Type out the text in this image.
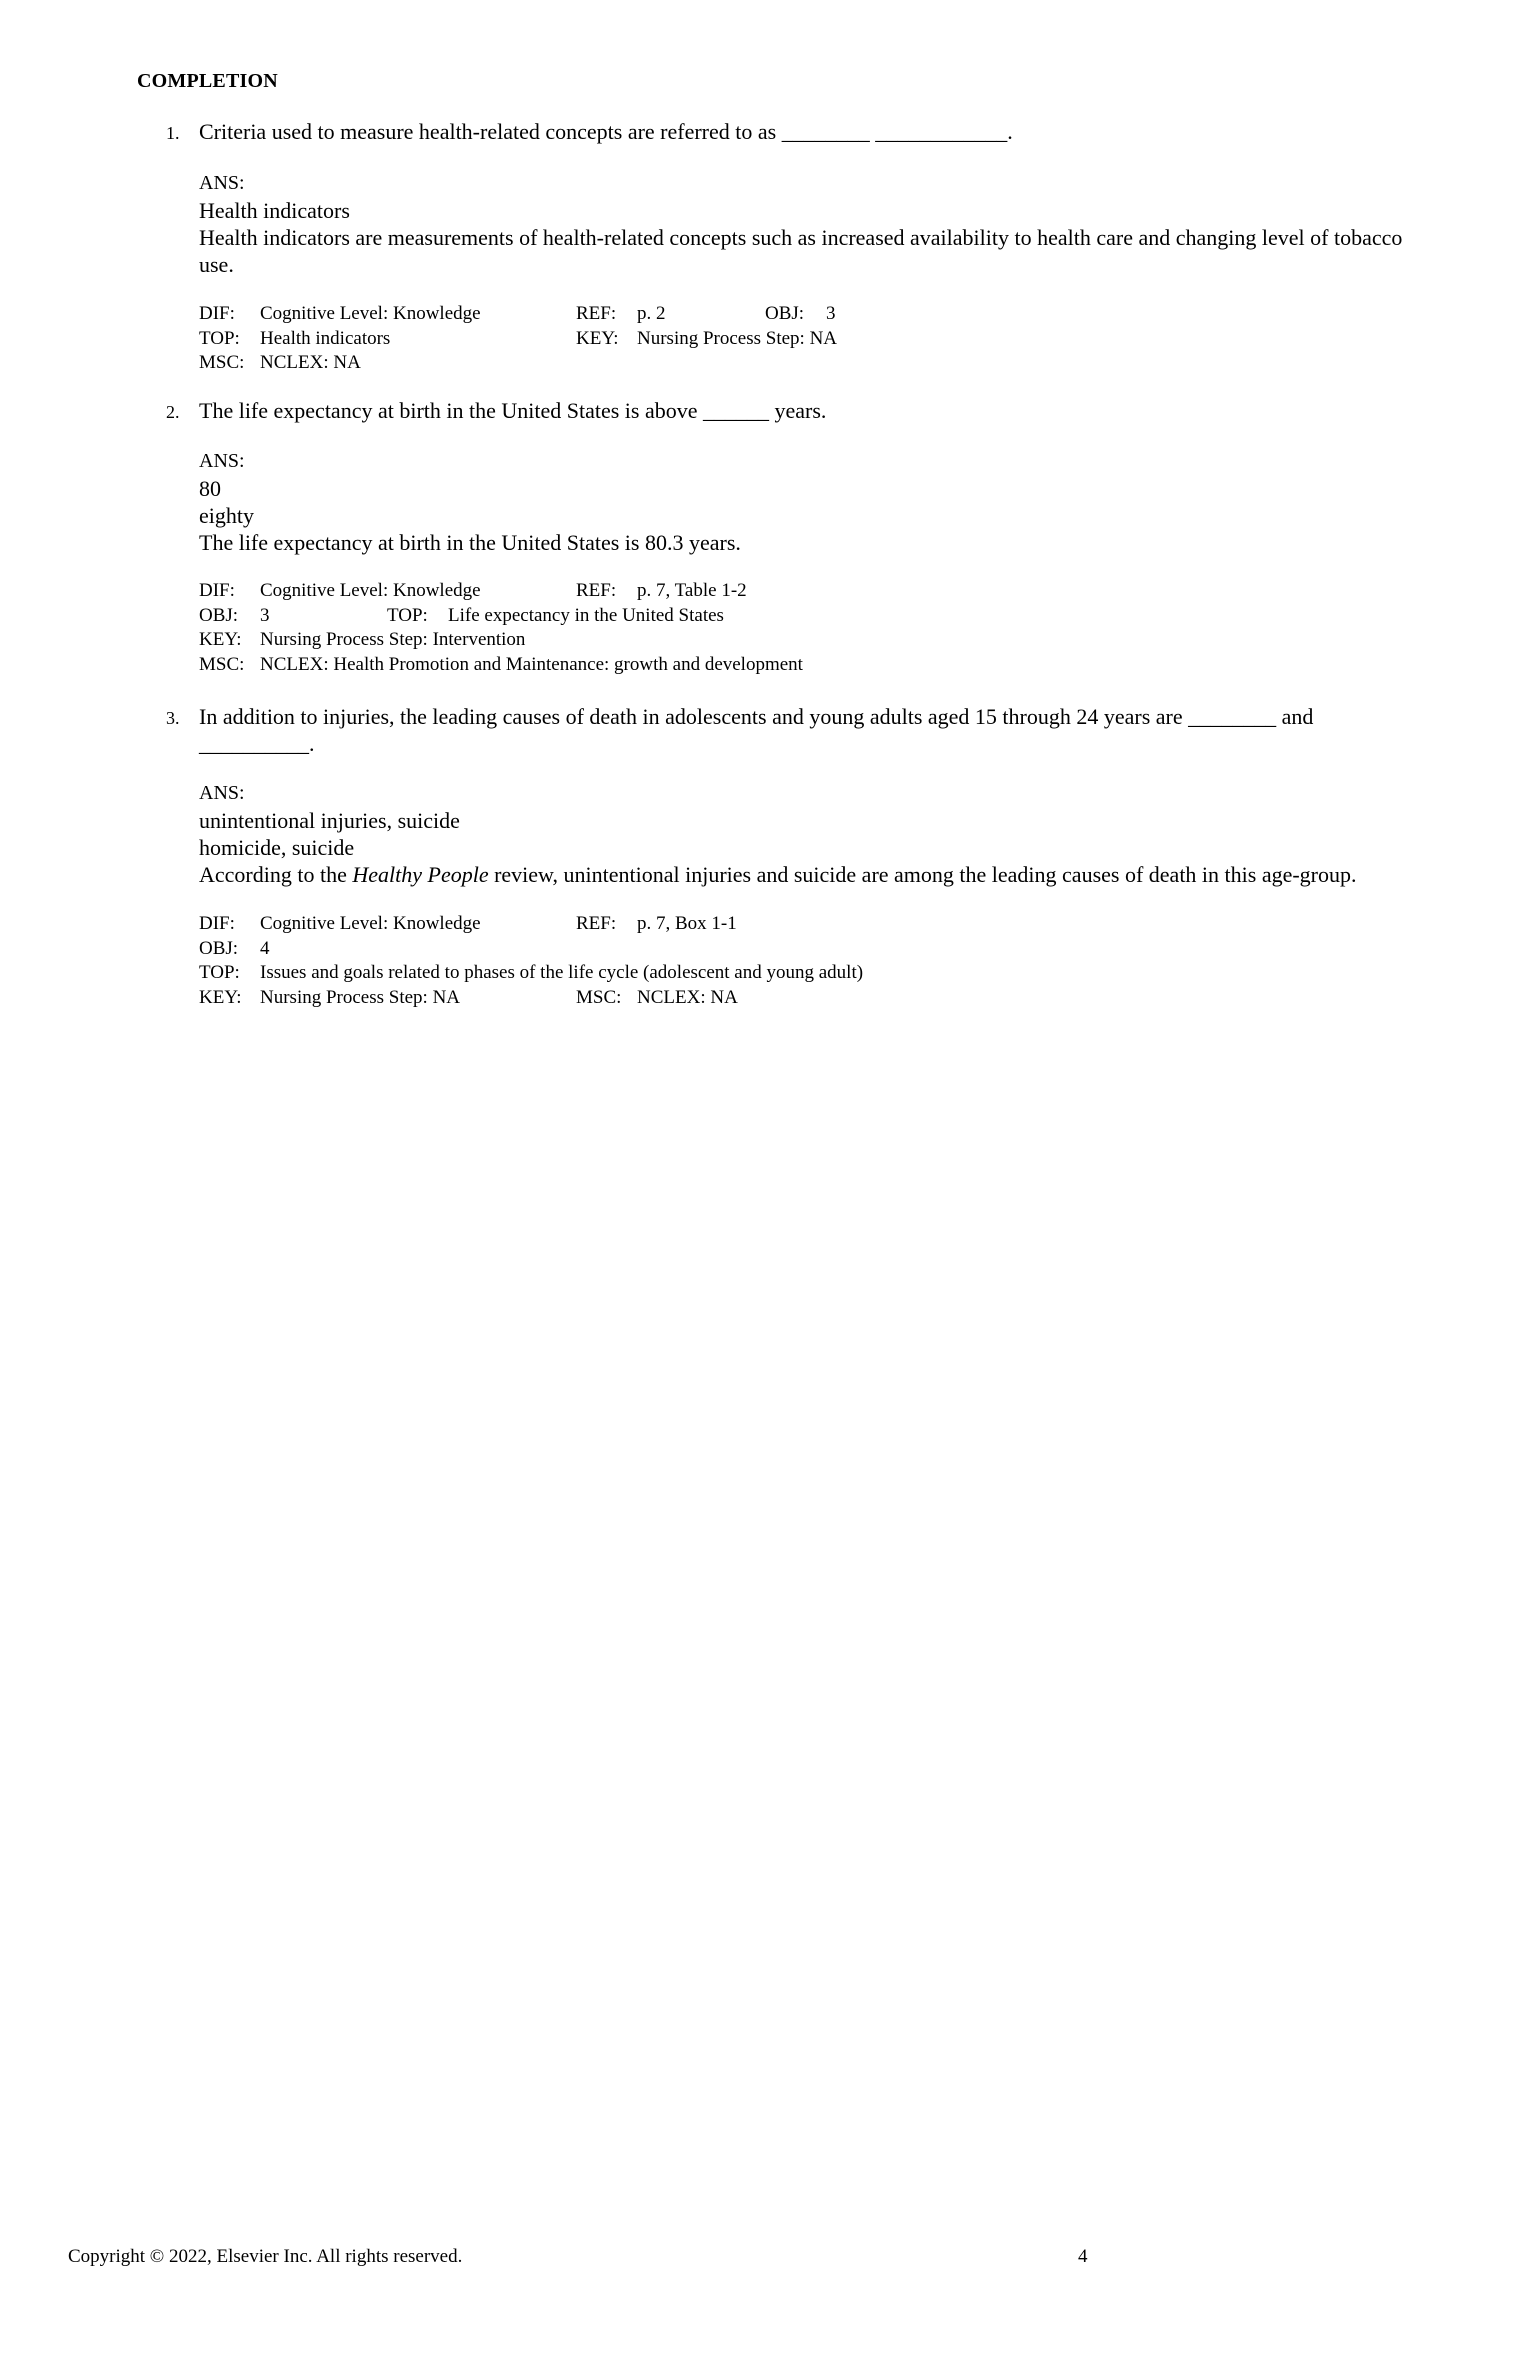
COMPLETION
1. Criteria used to measure health-related concepts are referred to as ________ ____________.
ANS:
Health indicators
Health indicators are measurements of health-related concepts such as increased availability to health care and changing level of tobacco use.
DIF: Cognitive Level: Knowledge	REF: p. 2	OBJ: 3
TOP: Health indicators	KEY: Nursing Process Step: NA
MSC: NCLEX: NA
2. The life expectancy at birth in the United States is above ______ years.
ANS:
80
eighty
The life expectancy at birth in the United States is 80.3 years.
DIF: Cognitive Level: Knowledge	REF: p. 7, Table 1-2
OBJ: 3	TOP: Life expectancy in the United States
KEY: Nursing Process Step: Intervention
MSC: NCLEX: Health Promotion and Maintenance: growth and development
3. In addition to injuries, the leading causes of death in adolescents and young adults aged 15 through 24 years are ________ and
__________.
ANS:
unintentional injuries, suicide
homicide, suicide
According to the Healthy People review, unintentional injuries and suicide are among the leading causes of death in this age-group.
DIF: Cognitive Level: Knowledge	REF: p. 7, Box 1-1
OBJ: 4
TOP: Issues and goals related to phases of the life cycle (adolescent and young adult)
KEY: Nursing Process Step: NA	MSC: NCLEX: NA
Copyright © 2022, Elsevier Inc. All rights reserved.	4
